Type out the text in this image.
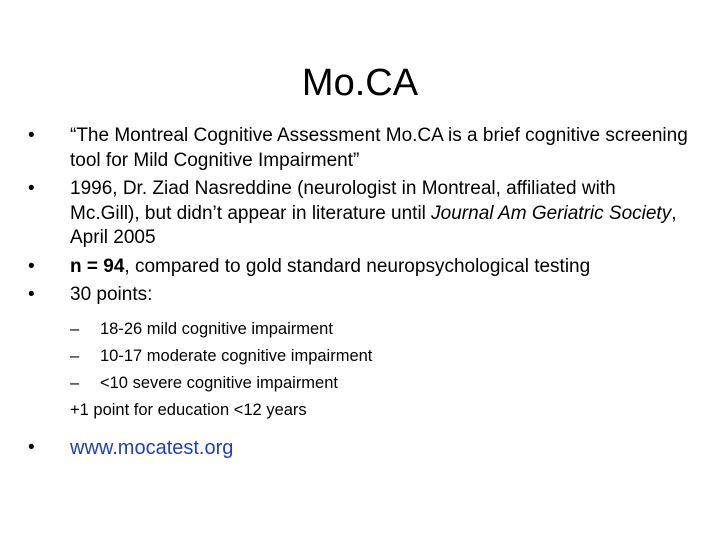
Mo.CA
•	“The Montreal Cognitive Assessment Mo.CA is a brief cognitive screening tool for Mild Cognitive Impairment”
•	1996, Dr. Ziad Nasreddine (neurologist in Montreal, affiliated with Mc.Gill), but didn’t appear in literature until Journal Am Geriatric Society, April 2005
•	n = 94, compared to gold standard neuropsychological testing
•	30 points:
– 18-26 mild cognitive impairment
– 10-17 moderate cognitive impairment
– <10 severe cognitive impairment
+1 point for education <12 years
•	www.mocatest.org
